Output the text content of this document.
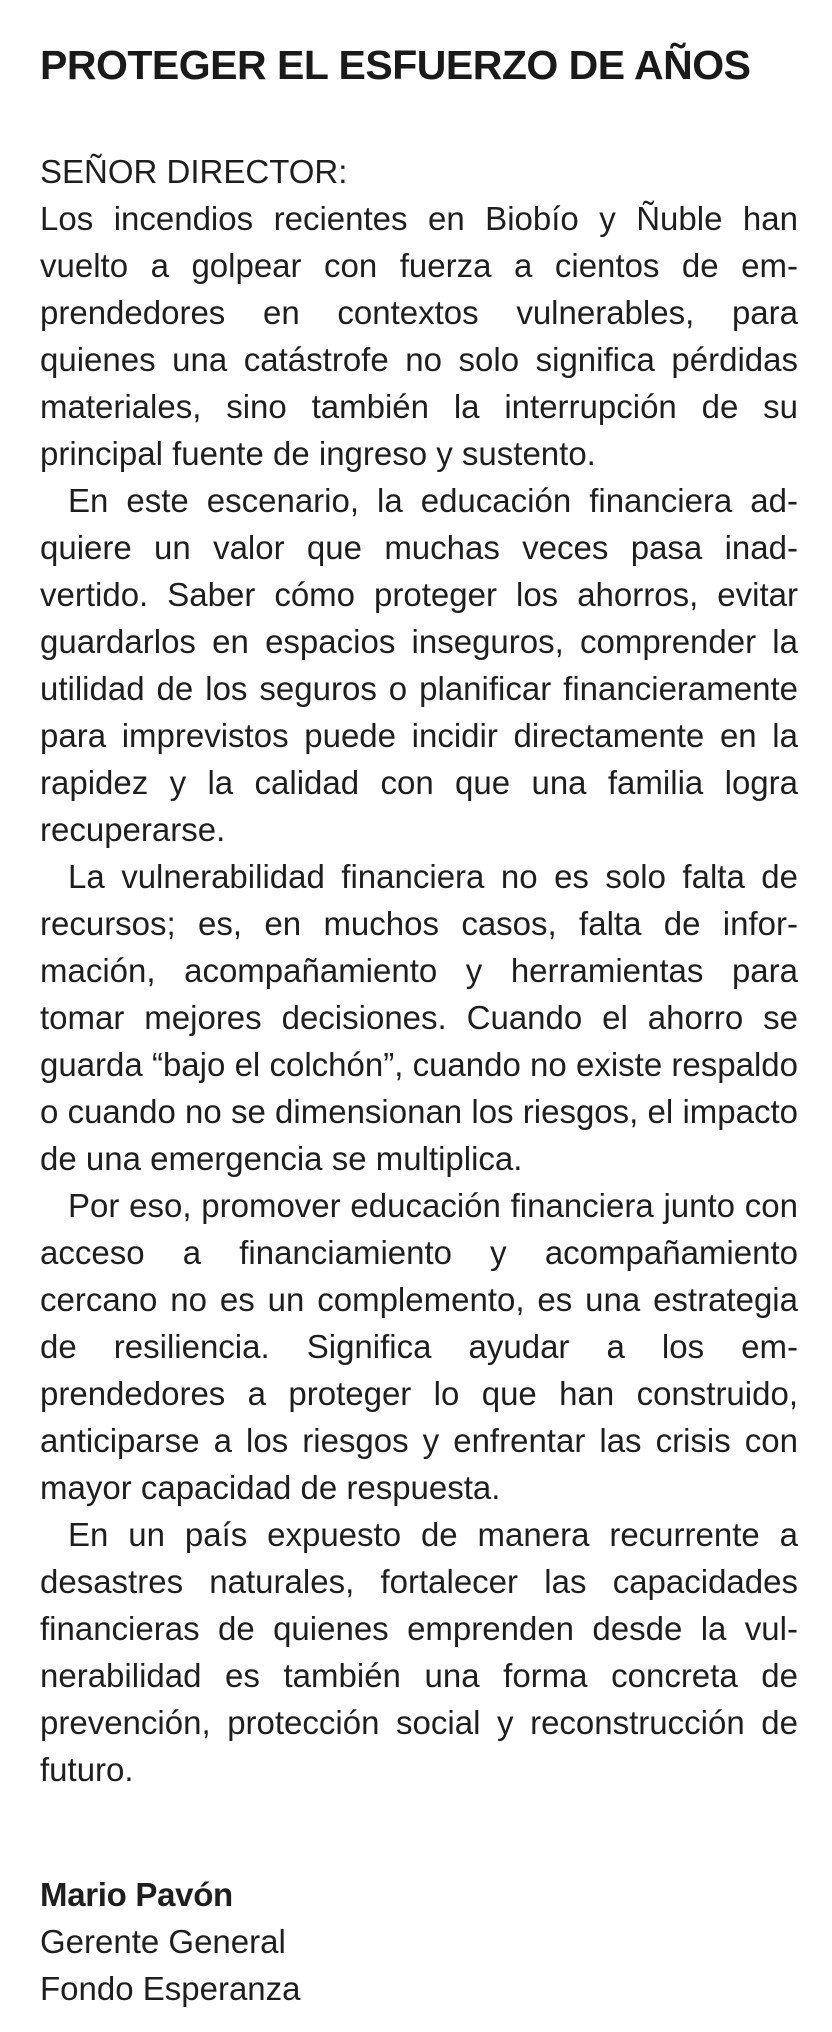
PROTEGER EL ESFUERZO DE AÑOS
SEÑOR DIRECTOR:

Los incendios recientes en Biobío y Ñuble han vuelto a golpear con fuerza a cientos de emprendedores en contextos vulnerables, para quienes una catástrofe no solo significa pérdidas materiales, sino también la interrupción de su principal fuente de ingreso y sustento.

En este escenario, la educación financiera adquiere un valor que muchas veces pasa inadvertido. Saber cómo proteger los ahorros, evitar guardarlos en espacios inseguros, comprender la utilidad de los seguros o planificar financieramente para imprevistos puede incidir directamente en la rapidez y la calidad con que una familia logra recuperarse.

La vulnerabilidad financiera no es solo falta de recursos; es, en muchos casos, falta de información, acompañamiento y herramientas para tomar mejores decisiones. Cuando el ahorro se guarda “bajo el colchón”, cuando no existe respaldo o cuando no se dimensionan los riesgos, el impacto de una emergencia se multiplica.

Por eso, promover educación financiera junto con acceso a financiamiento y acompañamiento cercano no es un complemento, es una estrategia de resiliencia. Significa ayudar a los emprendedores a proteger lo que han construido, anticiparse a los riesgos y enfrentar las crisis con mayor capacidad de respuesta.

En un país expuesto de manera recurrente a desastres naturales, fortalecer las capacidades financieras de quienes emprenden desde la vulnerabilidad es también una forma concreta de prevención, protección social y reconstrucción de futuro.

Mario Pavón
Gerente General
Fondo Esperanza
